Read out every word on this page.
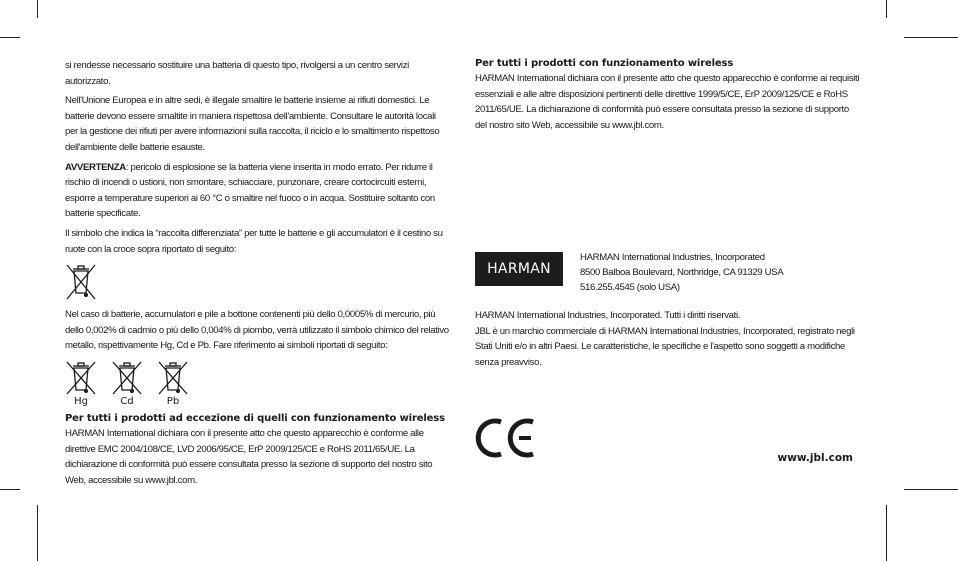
si rendesse necessario sostituire una batteria di questo tipo, rivolgersi a un centro servizi autorizzato.

Nell'Unione Europea e in altre sedi, è illegale smaltire le batterie insieme ai rifiuti domestici. Le batterie devono essere smaltite in maniera rispettosa dell'ambiente. Consultare le autorità locali per la gestione dei rifiuti per avere informazioni sulla raccolta, il riciclo e lo smaltimento rispettoso dell'ambiente delle batterie esauste.

AVVERTENZA: pericolo di esplosione se la batteria viene inserita in modo errato. Per ridurre il rischio di incendi o ustioni, non smontare, schiacciare, punzonare, creare cortocircuiti esterni, esporre a temperature superiori ai 60 °C o smaltire nel fuoco o in acqua. Sostituire soltanto con batterie specificate.

Il simbolo che indica la “raccolta differenziata” per tutte le batterie e gli accumulatori è il cestino su ruote con la croce sopra riportato di seguito:

Nel caso di batterie, accumulatori e pile a bottone contenenti più dello 0,0005% di mercurio, più dello 0,002% di cadmio o più dello 0,004% di piombo, verrà utilizzato il simbolo chimico del relativo metallo, rispettivamente Hg, Cd e Pb. Fare riferimento ai simboli riportati di seguito:

Hg	Cd	Pb
Per tutti i prodotti ad eccezione di quelli con funzionamento wireless

HARMAN International dichiara con il presente atto che questo apparecchio è conforme alle direttive EMC 2004/108/CE, LVD 2006/95/CE, ErP 2009/125/CE e RoHS 2011/65/UE. La dichiarazione di conformità può essere consultata presso la sezione di supporto del nostro sito Web, accessibile su www.jbl.com.

Per tutti i prodotti con funzionamento wireless

HARMAN International dichiara con il presente atto che questo apparecchio è conforme ai requisiti essenziali e alle altre disposizioni pertinenti delle direttive 1999/5/CE, ErP 2009/125/CE e RoHS 2011/65/UE. La dichiarazione di conformità può essere consultata presso la sezione di supporto del nostro sito Web, accessibile su www.jbl.com.

HARMAN

HARMAN International Industries, Incorporated

8500 Balboa Boulevard, Northridge, CA 91329 USA

516.255.4545 (solo USA)

HARMAN International Industries, Incorporated. Tutti i diritti riservati.

JBL è un marchio commerciale di HARMAN International Industries, Incorporated, registrato negli Stati Uniti e/o in altri Paesi. Le caratteristiche, le specifiche e l'aspetto sono soggetti a modifiche senza preavviso.

www.jbl.com
